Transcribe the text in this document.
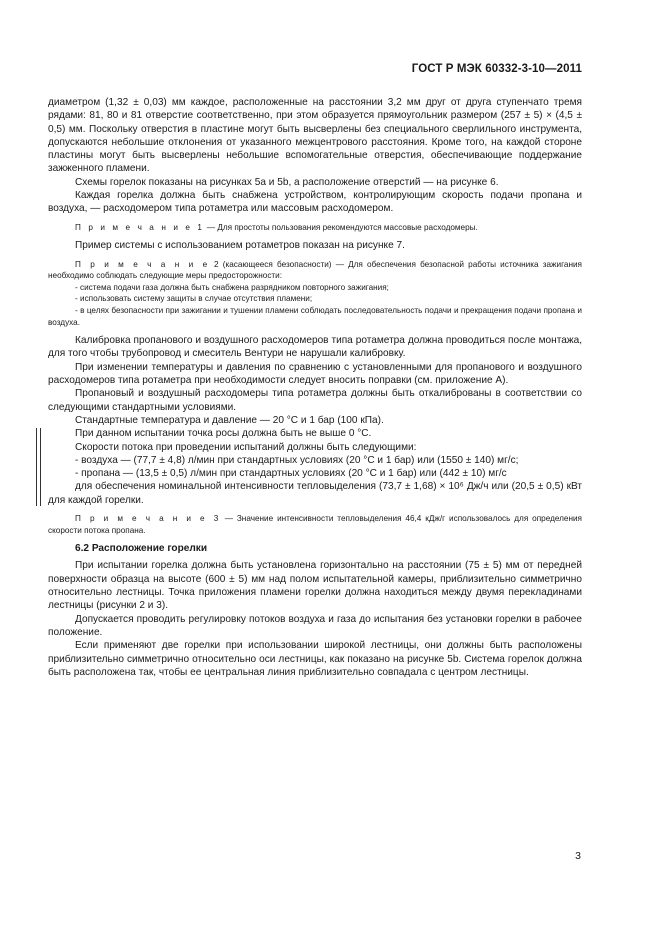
ГОСТ Р МЭК 60332-3-10—2011

диаметром (1,32 ± 0,03) мм каждое, расположенные на расстоянии 3,2 мм друг от друга ступенчато тремя рядами: 81, 80 и 81 отверстие соответственно, при этом образуется прямоугольник размером (257 ± 5) × (4,5 ± 0,5) мм. Поскольку отверстия в пластине могут быть высверлены без специального сверлильного инструмента, допускаются небольшие отклонения от указанного межцентрового расстояния. Кроме того, на каждой стороне пластины могут быть высверлены небольшие вспомогательные отверстия, обеспечивающие поддержание зажженного пламени.

Схемы горелок показаны на рисунках 5a и 5b, а расположение отверстий — на рисунке 6.

Каждая горелка должна быть снабжена устройством, контролирующим скорость подачи пропана и воздуха, — расходомером типа ротаметра или массовым расходомером.

П р и м е ч а н и е 1 — Для простоты пользования рекомендуются массовые расходомеры.

Пример системы с использованием ротаметров показан на рисунке 7.

П р и м е ч а н и е 2 (касающееся безопасности) — Для обеспечения безопасной работы источника зажигания необходимо соблюдать следующие меры предосторожности:

- система подачи газа должна быть снабжена разрядником повторного зажигания;

- использовать систему защиты в случае отсутствия пламени;

- в целях безопасности при зажигании и тушении пламени соблюдать последовательность подачи и прекращения подачи пропана и воздуха.

Калибровка пропанового и воздушного расходомеров типа ротаметра должна проводиться после монтажа, для того чтобы трубопровод и смеситель Вентури не нарушали калибровку.

При изменении температуры и давления по сравнению с установленными для пропанового и воздушного расходомеров типа ротаметра при необходимости следует вносить поправки (см. приложение А).

Пропановый и воздушный расходомеры типа ротаметра должны быть откалиброваны в соответствии со следующими стандартными условиями.

Стандартные температура и давление — 20 °С и 1 бар (100 кПа).

При данном испытании точка росы должна быть не выше 0 °С.

Скорости потока при проведении испытаний должны быть следующими:

- воздуха — (77,7 ± 4,8) л/мин при стандартных условиях (20 °С и 1 бар) или (1550 ± 140) мг/с;

- пропана — (13,5 ± 0,5) л/мин при стандартных условиях (20 °С и 1 бар) или (442 ± 10) мг/с

для обеспечения номинальной интенсивности тепловыделения (73,7 ± 1,68) × 10⁶ Дж/ч или (20,5 ± 0,5) кВт для каждой горелки.

П р и м е ч а н и е 3 — Значение интенсивности тепловыделения 46,4 кДж/г использовалось для определения скорости потока пропана.

6.2 Расположение горелки

При испытании горелка должна быть установлена горизонтально на расстоянии (75 ± 5) мм от передней поверхности образца на высоте (600 ± 5) мм над полом испытательной камеры, приблизительно симметрично относительно лестницы. Точка приложения пламени горелки должна находиться между двумя перекладинами лестницы (рисунки 2 и 3).

Допускается проводить регулировку потоков воздуха и газа до испытания без установки горелки в рабочее положение.

Если применяют две горелки при использовании широкой лестницы, они должны быть расположены приблизительно симметрично относительно оси лестницы, как показано на рисунке 5b. Система горелок должна быть расположена так, чтобы ее центральная линия приблизительно совпадала с центром лестницы.

3
